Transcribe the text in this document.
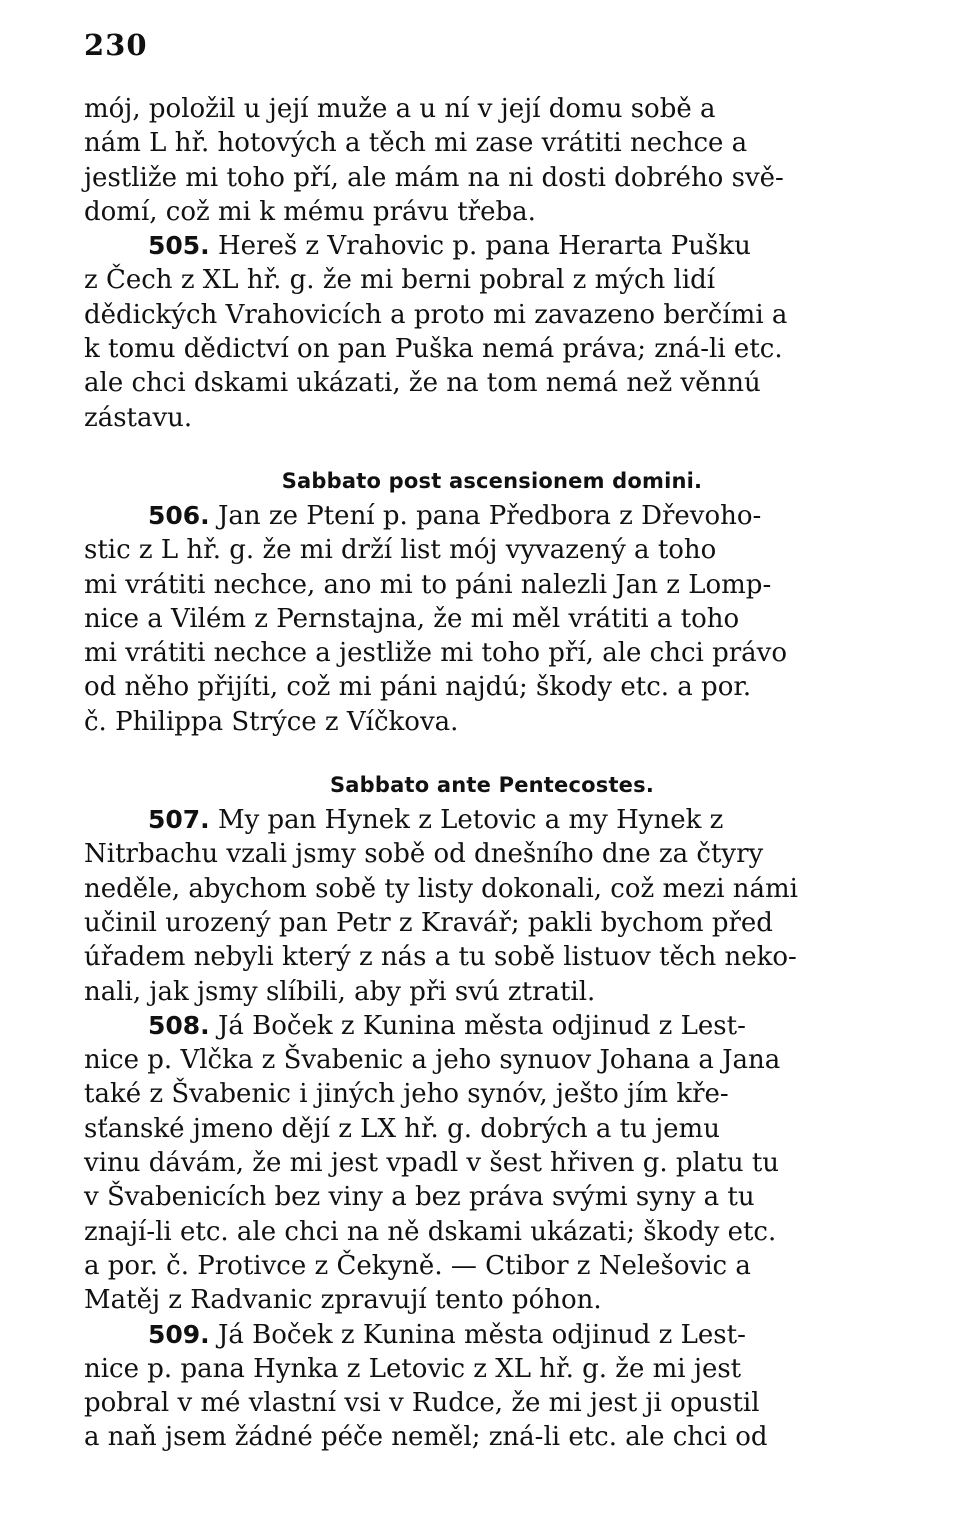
230

mój, položil u její muže a u ní v její domu sobě a
nám L hř. hotových a těch mi zase vrátiti nechce a
jestliže mi toho pří, ale mám na ni dosti dobrého svě-
domí, což mi k mému právu třeba.

505. Hereš z Vrahovic p. pana Herarta Pušku
z Čech z XL hř. g. že mi berni pobral z mých lidí
dědických Vrahovicích a proto mi zavazeno berčími a
k tomu dědictví on pan Puška nemá práva; zná-li etc.
ale chci dskami ukázati, že na tom nemá než věnnú
zástavu.

Sabbato post ascensionem domini.

506. Jan ze Ptení p. pana Předbora z Dřevoho-
stic z L hř. g. že mi drží list mój vyvazený a toho
mi vrátiti nechce, ano mi to páni nalezli Jan z Lomp-
nice a Vilém z Pernstajna, že mi měl vrátiti a toho
mi vrátiti nechce a jestliže mi toho pří, ale chci právo
od něho přijíti, což mi páni najdú; škody etc. a por.
č. Philippa Strýce z Víčkova.

Sabbato ante Pentecostes.

507. My pan Hynek z Letovic a my Hynek z
Nitrbachu vzali jsmy sobě od dnešního dne za čtyry
neděle, abychom sobě ty listy dokonali, což mezi námi
učinil urozený pan Petr z Kravář; pakli bychom před
úřadem nebyli který z nás a tu sobě listuov těch neko-
nali, jak jsmy slíbili, aby při svú ztratil.

508. Já Boček z Kunina města odjinud z Lest-
nice p. Vlčka z Švabenic a jeho synuov Johana a Jana
také z Švabenic i jiných jeho synóv, ješto jím kře-
sťanské jmeno dějí z LX hř. g. dobrých a tu jemu
vinu dávám, že mi jest vpadl v šest hřiven g. platu tu
v Švabenicích bez viny a bez práva svými syny a tu
znají-li etc. ale chci na ně dskami ukázati; škody etc.
a por. č. Protivce z Čekyně. — Ctibor z Nelešovic a
Matěj z Radvanic zpravují tento póhon.

509. Já Boček z Kunina města odjinud z Lest-
nice p. pana Hynka z Letovic z XL hř. g. že mi jest
pobral v mé vlastní vsi v Rudce, že mi jest ji opustil
a naň jsem žádné péče neměl; zná-li etc. ale chci od
